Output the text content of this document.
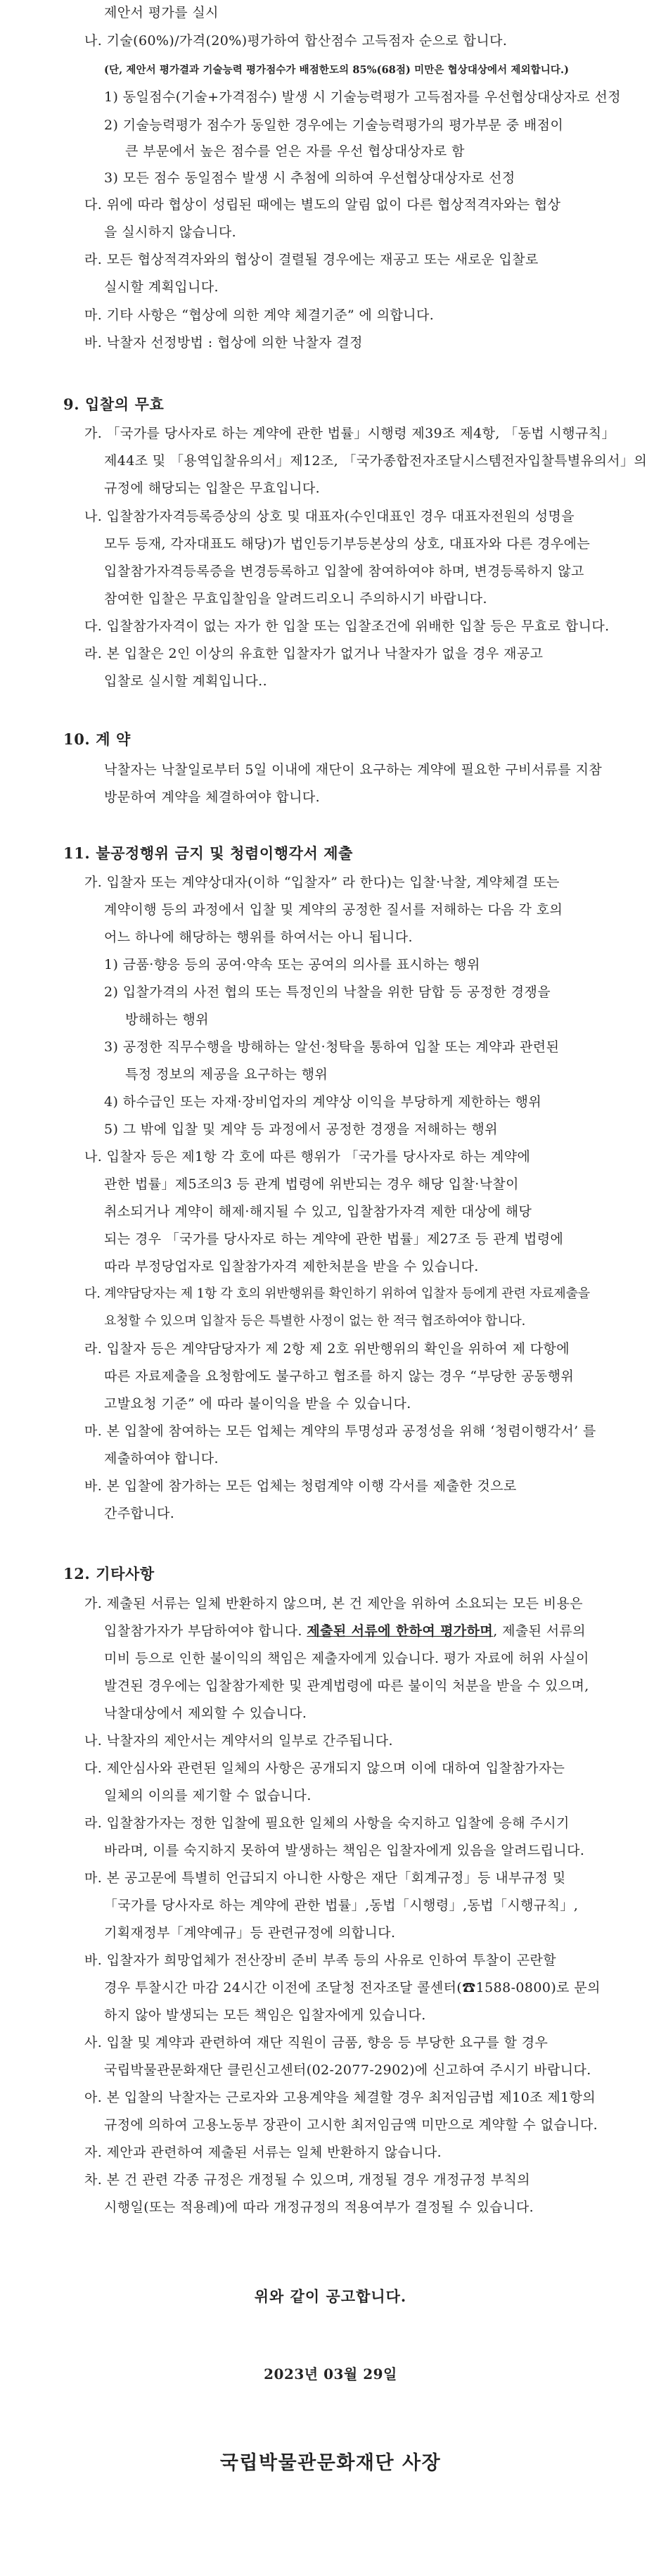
제안서 평가를 실시
나. 기술(60%)/가격(20%)평가하여 합산점수 고득점자 순으로 합니다.
(단, 제안서 평가결과 기술능력 평가점수가 배점한도의 85%(68점) 미만은 협상대상에서 제외합니다.)
1) 동일점수(기술+가격점수) 발생 시 기술능력평가 고득점자를 우선협상대상자로 선정
2) 기술능력평가 점수가 동일한 경우에는 기술능력평가의 평가부문 중 배점이
큰 부문에서 높은 점수를 얻은 자를 우선 협상대상자로 함
3) 모든 점수 동일점수 발생 시 추첨에 의하여 우선협상대상자로 선정
다. 위에 따라 협상이 성립된 때에는 별도의 알림 없이 다른 협상적격자와는 협상
을 실시하지 않습니다.
라. 모든 협상적격자와의 협상이 결렬될 경우에는 재공고 또는 새로운 입찰로
실시할 계획입니다.
마. 기타 사항은 “협상에 의한 계약 체결기준” 에 의합니다.
바. 낙찰자 선정방법 : 협상에 의한 낙찰자 결정
9. 입찰의 무효
가. 「국가를 당사자로 하는 계약에 관한 법률」시행령 제39조 제4항, 「동법 시행규칙」
제44조 및 「용역입찰유의서」제12조, 「국가종합전자조달시스템전자입찰특별유의서」의
규정에 해당되는 입찰은 무효입니다.
나. 입찰참가자격등록증상의 상호 및 대표자(수인대표인 경우 대표자전원의 성명을
모두 등재, 각자대표도 해당)가 법인등기부등본상의 상호, 대표자와 다른 경우에는
입찰참가자격등록증을 변경등록하고 입찰에 참여하여야 하며, 변경등록하지 않고
참여한 입찰은 무효입찰임을 알려드리오니 주의하시기 바랍니다.
다. 입찰참가자격이 없는 자가 한 입찰 또는 입찰조건에 위배한 입찰 등은 무효로 합니다.
라. 본 입찰은 2인 이상의 유효한 입찰자가 없거나 낙찰자가 없을 경우 재공고
입찰로 실시할 계획입니다..
10. 계 약
낙찰자는 낙찰일로부터 5일 이내에 재단이 요구하는 계약에 필요한 구비서류를 지참
방문하여 계약을 체결하여야 합니다.
11. 불공정행위 금지 및 청렴이행각서 제출
가. 입찰자 또는 계약상대자(이하 “입찰자” 라 한다)는 입찰·낙찰, 계약체결 또는
계약이행 등의 과정에서 입찰 및 계약의 공정한 질서를 저해하는 다음 각 호의
어느 하나에 해당하는 행위를 하여서는 아니 됩니다.
1) 금품·향응 등의 공여·약속 또는 공여의 의사를 표시하는 행위
2) 입찰가격의 사전 협의 또는 특정인의 낙찰을 위한 담합 등 공정한 경쟁을
방해하는 행위
3) 공정한 직무수행을 방해하는 알선·청탁을 통하여 입찰 또는 계약과 관련된
특정 정보의 제공을 요구하는 행위
4) 하수급인 또는 자재·장비업자의 계약상 이익을 부당하게 제한하는 행위
5) 그 밖에 입찰 및 계약 등 과정에서 공정한 경쟁을 저해하는 행위
나. 입찰자 등은 제1항 각 호에 따른 행위가 「국가를 당사자로 하는 계약에
관한 법률」제5조의3 등 관계 법령에 위반되는 경우 해당 입찰·낙찰이
취소되거나 계약이 해제·해지될 수 있고, 입찰참가자격 제한 대상에 해당
되는 경우 「국가를 당사자로 하는 계약에 관한 법률」제27조 등 관계 법령에
따라 부정당업자로 입찰참가자격 제한처분을 받을 수 있습니다.
다. 계약담당자는 제 1항 각 호의 위반행위를 확인하기 위하여 입찰자 등에게 관련 자료제출을
요청할 수 있으며 입찰자 등은 특별한 사정이 없는 한 적극 협조하여야 합니다.
라. 입찰자 등은 계약담당자가 제 2항 제 2호 위반행위의 확인을 위하여 제 다항에
따른 자료제출을 요청함에도 불구하고 협조를 하지 않는 경우 “부당한 공동행위
고발요청 기준” 에 따라 불이익을 받을 수 있습니다.
마. 본 입찰에 참여하는 모든 업체는 계약의 투명성과 공정성을 위해 ‘청렴이행각서’ 를
제출하여야 합니다.
바. 본 입찰에 참가하는 모든 업체는 청렴계약 이행 각서를 제출한 것으로
간주합니다.
12. 기타사항
가. 제출된 서류는 일체 반환하지 않으며, 본 건 제안을 위하여 소요되는 모든 비용은
입찰참가자가 부담하여야 합니다. 제출된 서류에 한하여 평가하며, 제출된 서류의
미비 등으로 인한 불이익의 책임은 제출자에게 있습니다. 평가 자료에 허위 사실이
발견된 경우에는 입찰참가제한 및 관계법령에 따른 불이익 처분을 받을 수 있으며,
낙찰대상에서 제외할 수 있습니다.
나. 낙찰자의 제안서는 계약서의 일부로 간주됩니다.
다. 제안심사와 관련된 일체의 사항은 공개되지 않으며 이에 대하여 입찰참가자는
일체의 이의를 제기할 수 없습니다.
라. 입찰참가자는 정한 입찰에 필요한 일체의 사항을 숙지하고 입찰에 응해 주시기
바라며, 이를 숙지하지 못하여 발생하는 책임은 입찰자에게 있음을 알려드립니다.
마. 본 공고문에 특별히 언급되지 아니한 사항은 재단「회계규정」등 내부규정 및
「국가를 당사자로 하는 계약에 관한 법률」,동법「시행령」,동법「시행규칙」,
기획재정부「계약예규」등 관련규정에 의합니다.
바. 입찰자가 희망업체가 전산장비 준비 부족 등의 사유로 인하여 투찰이 곤란할
경우 투찰시간 마감 24시간 이전에 조달청 전자조달 콜센터(☎1588-0800)로 문의
하지 않아 발생되는 모든 책임은 입찰자에게 있습니다.
사. 입찰 및 계약과 관련하여 재단 직원이 금품, 향응 등 부당한 요구를 할 경우
국립박물관문화재단 클린신고센터(02-2077-2902)에 신고하여 주시기 바랍니다.
아. 본 입찰의 낙찰자는 근로자와 고용계약을 체결할 경우 최저임금법 제10조 제1항의
규정에 의하여 고용노동부 장관이 고시한 최저임금액 미만으로 계약할 수 없습니다.
자. 제안과 관련하여 제출된 서류는 일체 반환하지 않습니다.
차. 본 건 관련 각종 규정은 개정될 수 있으며, 개정될 경우 개정규정 부칙의
시행일(또는 적용례)에 따라 개정규정의 적용여부가 결정될 수 있습니다.
위와 같이 공고합니다.
2023년 03월 29일
국립박물관문화재단 사장
